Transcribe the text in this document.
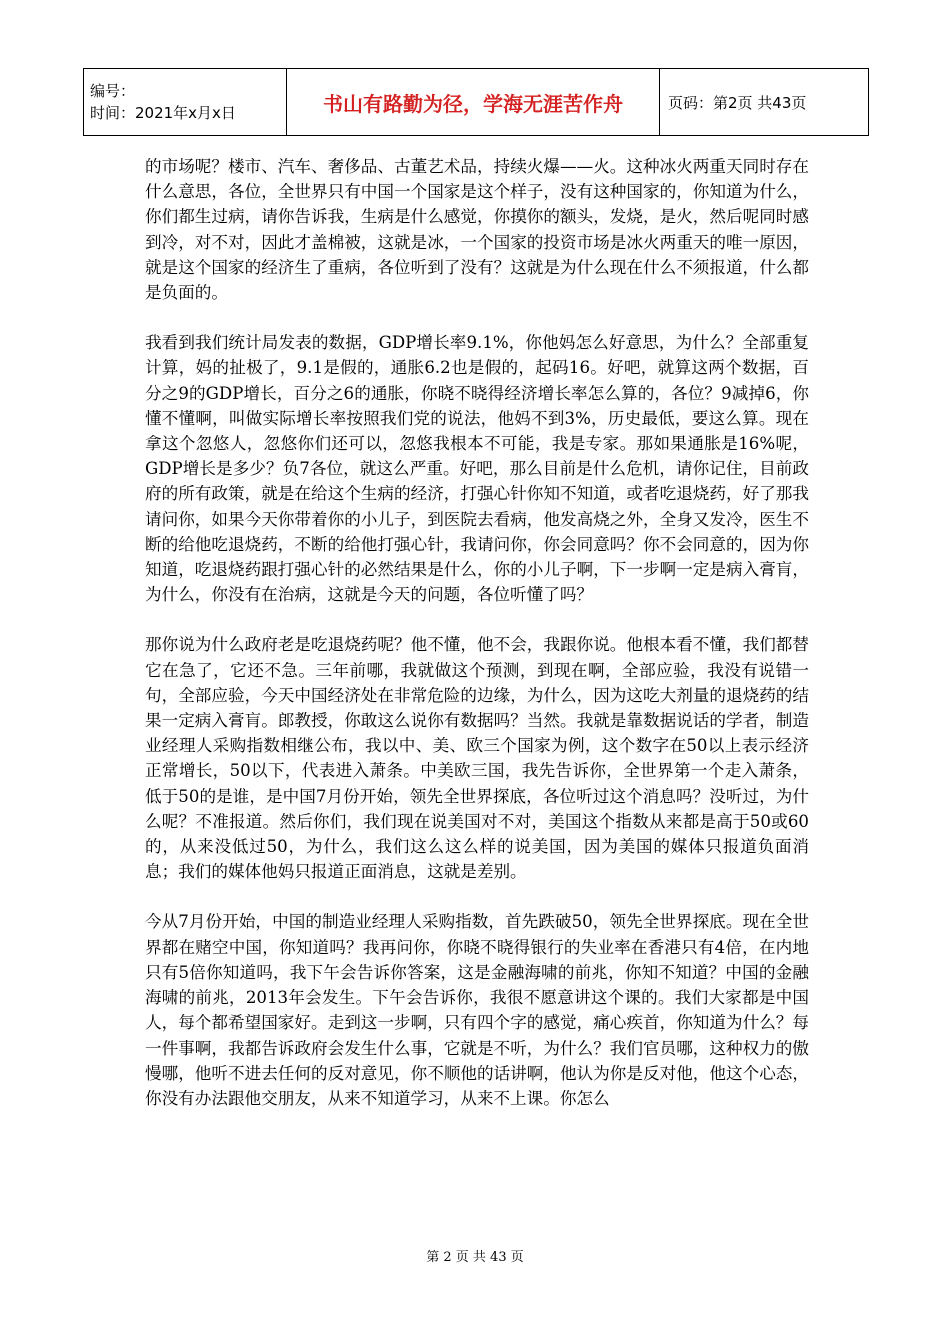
编号：
时间：2021年x月x日	书山有路勤为径，学海无涯苦作舟	页码：第2页 共43页

的市场呢？楼市、汽车、奢侈品、古董艺术品，持续火爆——火。这种冰火两重天同时存在什么意思，各位，全世界只有中国一个国家是这个样子，没有这种国家的，你知道为什么，你们都生过病，请你告诉我，生病是什么感觉，你摸你的额头，发烧，是火，然后呢同时感到冷，对不对，因此才盖棉被，这就是冰，一个国家的投资市场是冰火两重天的唯一原因，就是这个国家的经济生了重病，各位听到了没有？这就是为什么现在什么不须报道，什么都是负面的。

我看到我们统计局发表的数据，GDP增长率9.1%，你他妈怎么好意思，为什么？全部重复计算，妈的扯极了，9.1是假的，通胀6.2也是假的，起码16。好吧，就算这两个数据，百分之9的GDP增长，百分之6的通胀，你晓不晓得经济增长率怎么算的，各位？9减掉6，你懂不懂啊，叫做实际增长率按照我们党的说法，他妈不到3%，历史最低，要这么算。现在拿这个忽悠人，忽悠你们还可以，忽悠我根本不可能，我是专家。那如果通胀是16%呢，GDP增长是多少？负7各位，就这么严重。好吧，那么目前是什么危机，请你记住，目前政府的所有政策，就是在给这个生病的经济，打强心针你知不知道，或者吃退烧药，好了那我请问你，如果今天你带着你的小儿子，到医院去看病，他发高烧之外，全身又发冷，医生不断的给他吃退烧药，不断的给他打强心针，我请问你，你会同意吗？你不会同意的，因为你知道，吃退烧药跟打强心针的必然结果是什么，你的小儿子啊，下一步啊一定是病入膏肓，为什么，你没有在治病，这就是今天的问题，各位听懂了吗？

那你说为什么政府老是吃退烧药呢？他不懂，他不会，我跟你说。他根本看不懂，我们都替它在急了，它还不急。三年前哪，我就做这个预测，到现在啊，全部应验，我没有说错一句，全部应验，今天中国经济处在非常危险的边缘，为什么，因为这吃大剂量的退烧药的结果一定病入膏肓。郎教授，你敢这么说你有数据吗？当然。我就是靠数据说话的学者，制造业经理人采购指数相继公布，我以中、美、欧三个国家为例，这个数字在50以上表示经济正常增长，50以下，代表进入萧条。中美欧三国，我先告诉你，全世界第一个走入萧条，低于50的是谁，是中国7月份开始，领先全世界探底，各位听过这个消息吗？没听过，为什么呢？不准报道。然后你们，我们现在说美国对不对，美国这个指数从来都是高于50或60的，从来没低过50，为什么，我们这么这么样的说美国，因为美国的媒体只报道负面消息；我们的媒体他妈只报道正面消息，这就是差别。

今从7月份开始，中国的制造业经理人采购指数，首先跌破50，领先全世界探底。现在全世界都在赌空中国，你知道吗？我再问你，你晓不晓得银行的失业率在香港只有4倍，在内地只有5倍你知道吗，我下午会告诉你答案，这是金融海啸的前兆，你知不知道？中国的金融海啸的前兆，2013年会发生。下午会告诉你，我很不愿意讲这个课的。我们大家都是中国人，每个都希望国家好。走到这一步啊，只有四个字的感觉，痛心疾首，你知道为什么？每一件事啊，我都告诉政府会发生什么事，它就是不听，为什么？我们官员哪，这种权力的傲慢哪，他听不进去任何的反对意见，你不顺他的话讲啊，他认为你是反对他，他这个心态，你没有办法跟他交朋友，从来不知道学习，从来不上课。你怎么

第 2 页 共 43 页
